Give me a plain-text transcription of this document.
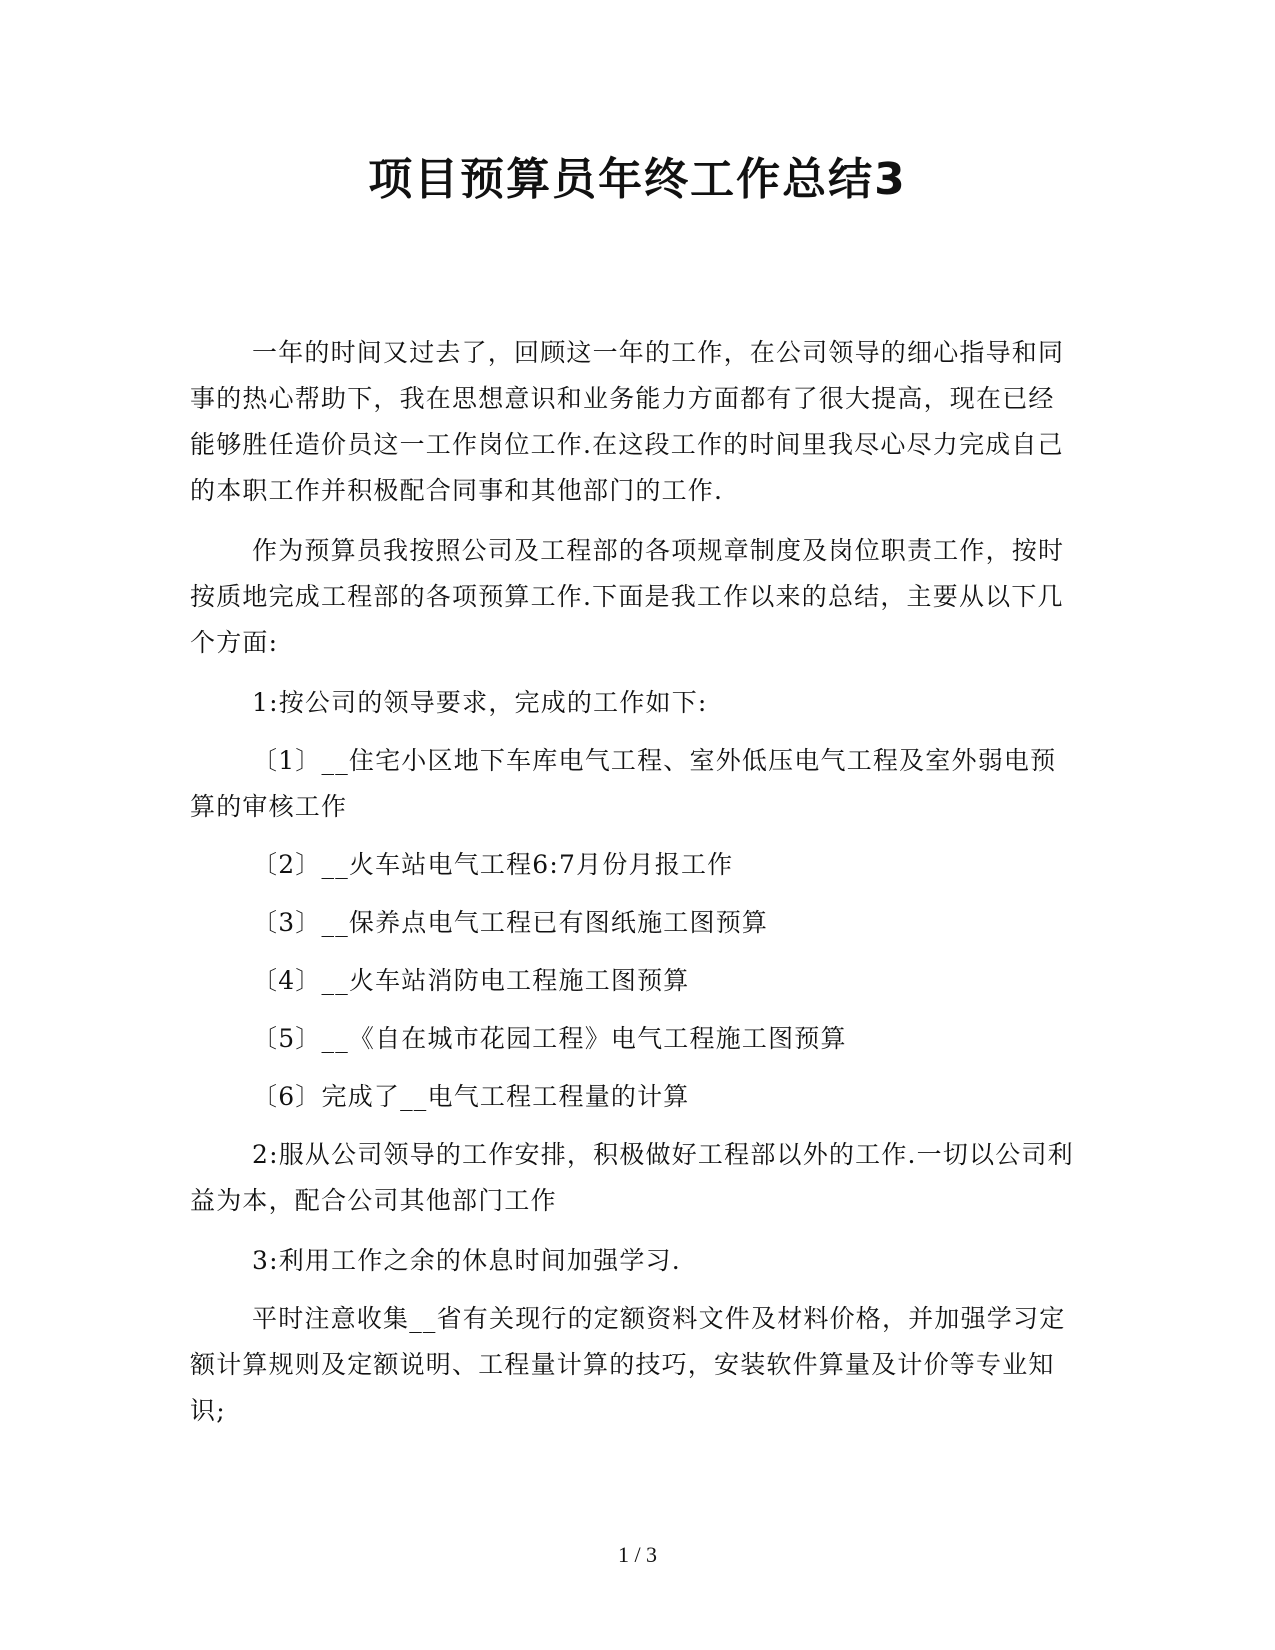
项目预算员年终工作总结3

一年的时间又过去了，回顾这一年的工作，在公司领导的细心指导和同事的热心帮助下，我在思想意识和业务能力方面都有了很大提高，现在已经能够胜任造价员这一工作岗位工作.在这段工作的时间里我尽心尽力完成自己的本职工作并积极配合同事和其他部门的工作.

作为预算员我按照公司及工程部的各项规章制度及岗位职责工作，按时按质地完成工程部的各项预算工作.下面是我工作以来的总结，主要从以下几个方面:

1:按公司的领导要求，完成的工作如下:

〔1〕__住宅小区地下车库电气工程、室外低压电气工程及室外弱电预算的审核工作

〔2〕__火车站电气工程6:7月份月报工作

〔3〕__保养点电气工程已有图纸施工图预算

〔4〕__火车站消防电工程施工图预算

〔5〕__《自在城市花园工程》电气工程施工图预算

〔6〕完成了__电气工程工程量的计算

2:服从公司领导的工作安排，积极做好工程部以外的工作.一切以公司利益为本，配合公司其他部门工作

3:利用工作之余的休息时间加强学习.

平时注意收集__省有关现行的定额资料文件及材料价格，并加强学习定额计算规则及定额说明、工程量计算的技巧，安装软件算量及计价等专业知识;

1 / 3
